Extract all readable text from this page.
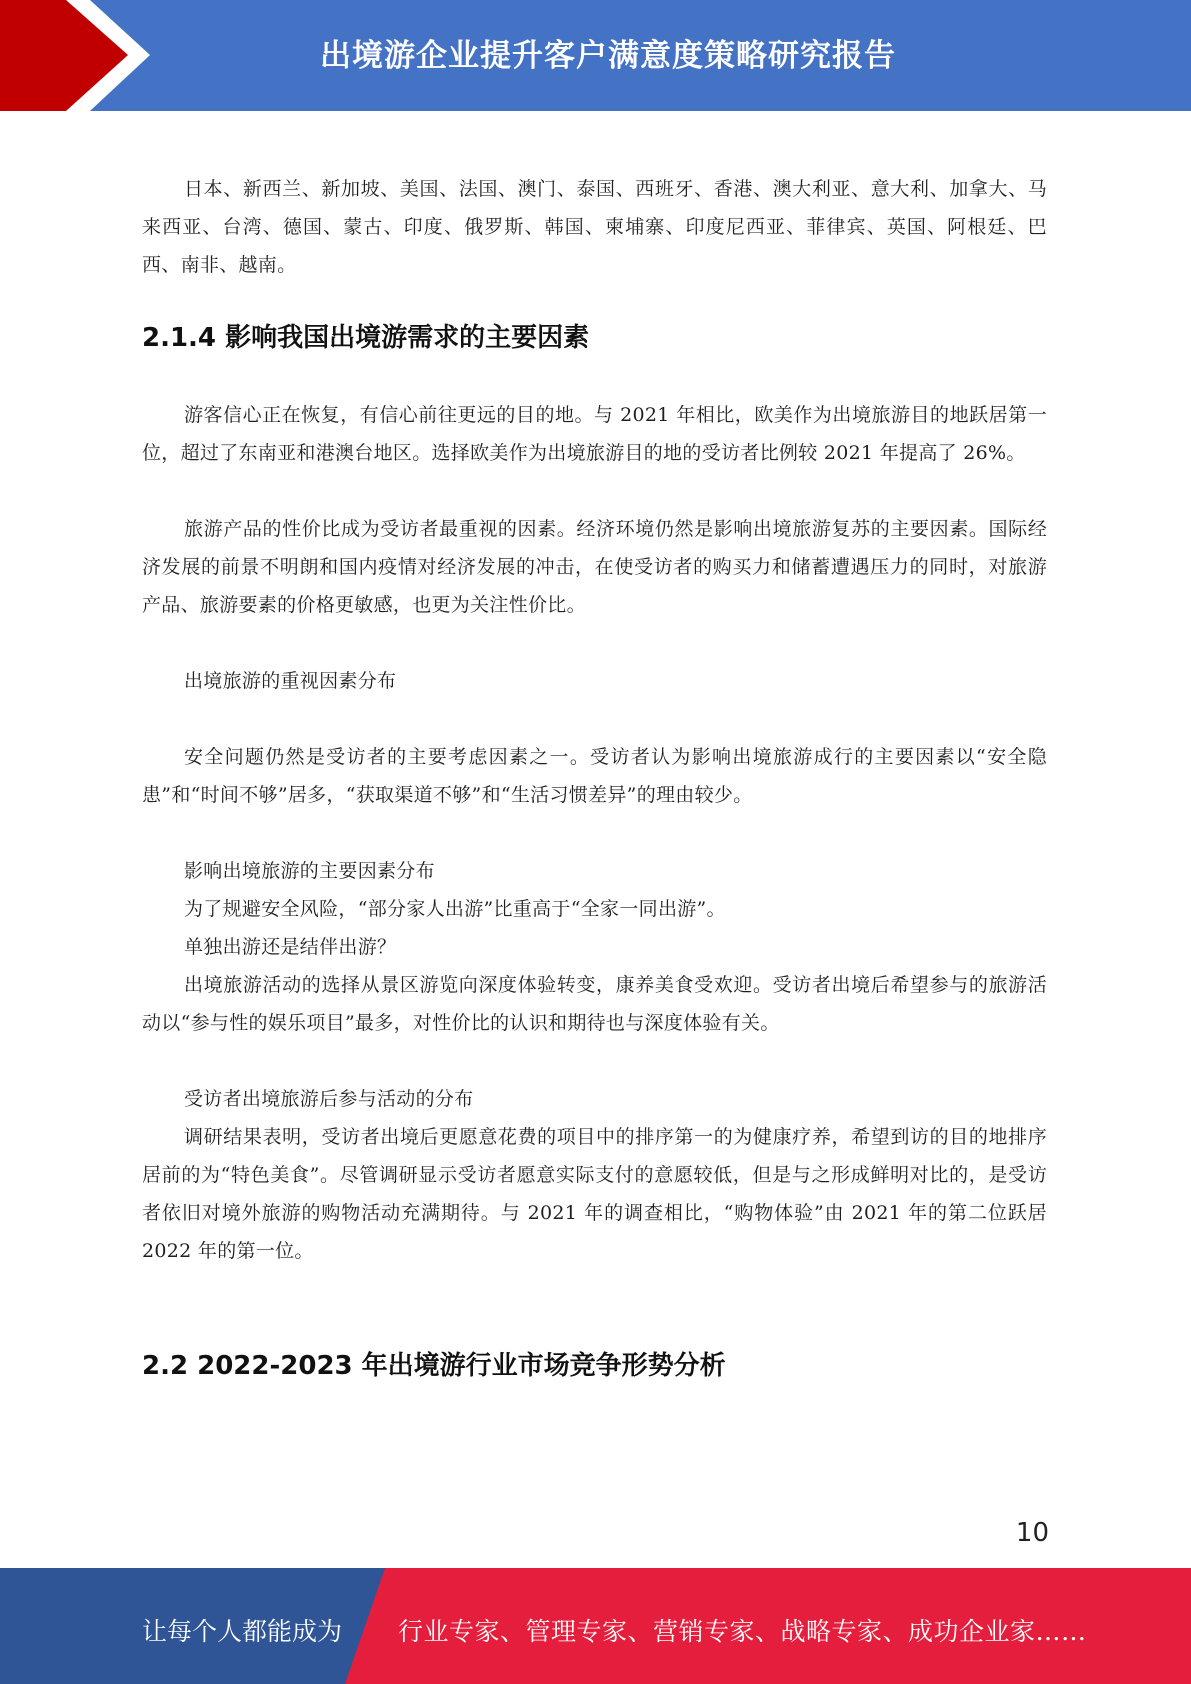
出境游企业提升客户满意度策略研究报告

日本、新西兰、新加坡、美国、法国、澳门、泰国、西班牙、香港、澳大利亚、意大利、加拿大、马来西亚、台湾、德国、蒙古、印度、俄罗斯、韩国、柬埔寨、印度尼西亚、菲律宾、英国、阿根廷、巴西、南非、越南。

2.1.4 影响我国出境游需求的主要因素

游客信心正在恢复，有信心前往更远的目的地。与 2021 年相比，欧美作为出境旅游目的地跃居第一位，超过了东南亚和港澳台地区。选择欧美作为出境旅游目的地的受访者比例较 2021 年提高了 26%。

旅游产品的性价比成为受访者最重视的因素。经济环境仍然是影响出境旅游复苏的主要因素。国际经济发展的前景不明朗和国内疫情对经济发展的冲击，在使受访者的购买力和储蓄遭遇压力的同时，对旅游产品、旅游要素的价格更敏感，也更为关注性价比。

出境旅游的重视因素分布

安全问题仍然是受访者的主要考虑因素之一。受访者认为影响出境旅游成行的主要因素以“安全隐患”和“时间不够”居多，“获取渠道不够”和“生活习惯差异”的理由较少。

影响出境旅游的主要因素分布

为了规避安全风险，“部分家人出游”比重高于“全家一同出游”。

单独出游还是结伴出游？

出境旅游活动的选择从景区游览向深度体验转变，康养美食受欢迎。受访者出境后希望参与的旅游活动以“参与性的娱乐项目”最多，对性价比的认识和期待也与深度体验有关。

受访者出境旅游后参与活动的分布

调研结果表明，受访者出境后更愿意花费的项目中的排序第一的为健康疗养，希望到访的目的地排序居前的为“特色美食”。尽管调研显示受访者愿意实际支付的意愿较低，但是与之形成鲜明对比的，是受访者依旧对境外旅游的购物活动充满期待。与 2021 年的调查相比，“购物体验”由 2021 年的第二位跃居 2022 年的第一位。

2.2 2022-2023 年出境游行业市场竞争形势分析
10
让每个人都能成为 行业专家、管理专家、营销专家、战略专家、成功企业家……
